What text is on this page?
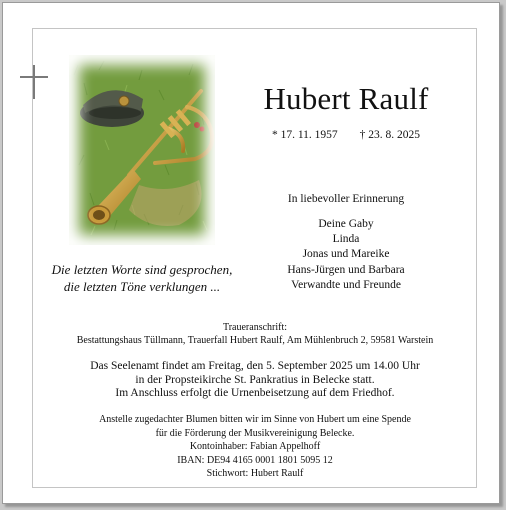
Die letzten Worte sind gesprochen,
die letzten Töne verklungen ...
Hubert Raulf
* 17. 11. 1957 † 23. 8. 2025
In liebevoller Erinnerung
Deine Gaby
Linda
Jonas und Mareike
Hans-Jürgen und Barbara
Verwandte und Freunde
Traueranschrift:
Bestattungshaus Tüllmann, Trauerfall Hubert Raulf, Am Mühlenbruch 2, 59581 Warstein
Das Seelenamt findet am Freitag, den 5. September 2025 um 14.00 Uhr
in der Propsteikirche St. Pankratius in Belecke statt.
Im Anschluss erfolgt die Urnenbeisetzung auf dem Friedhof.
Anstelle zugedachter Blumen bitten wir im Sinne von Hubert um eine Spende
für die Förderung der Musikvereinigung Belecke.
Kontoinhaber: Fabian Appelhoff
IBAN: DE94 4165 0001 1801 5095 12
Stichwort: Hubert Raulf
